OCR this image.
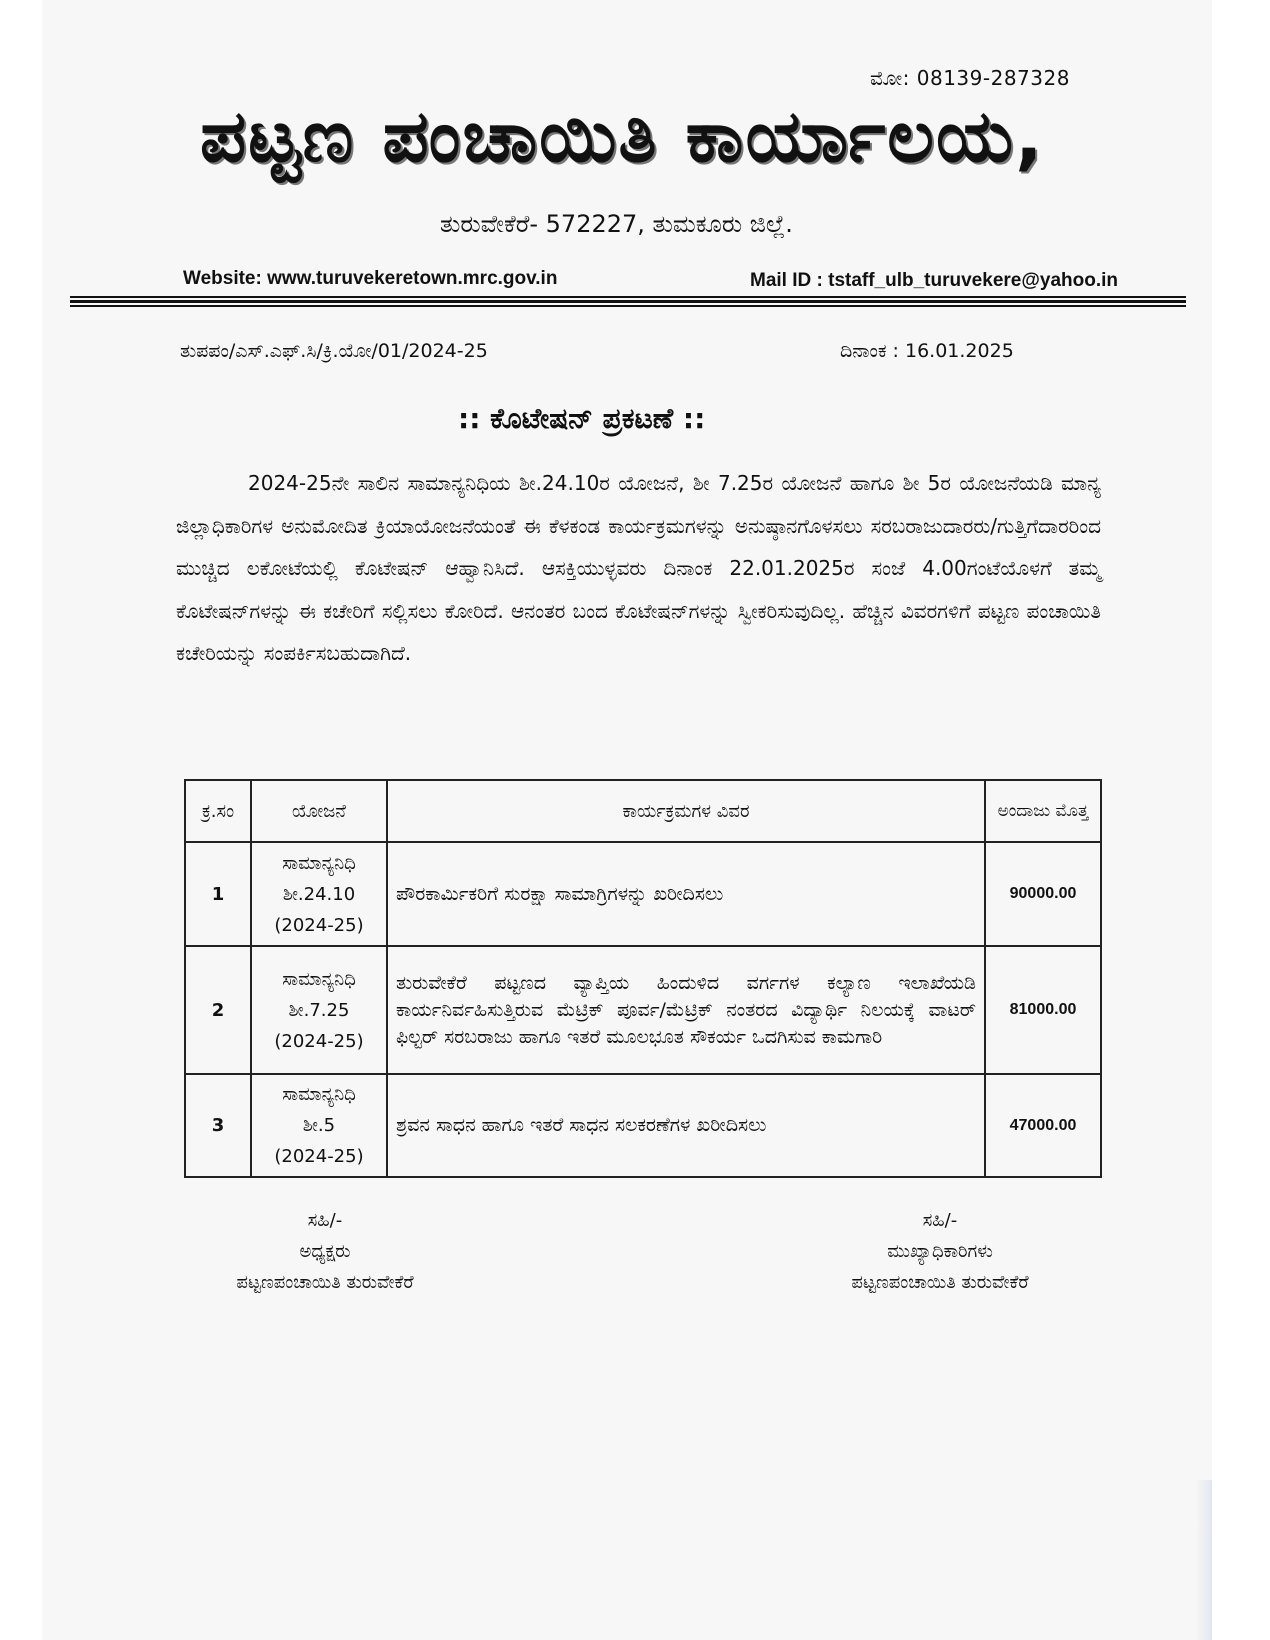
ಮೋ: 08139-287328
ಪಟ್ಟಣ ಪಂಚಾಯಿತಿ ಕಾರ್ಯಾಲಯ,
ತುರುವೇಕೆರೆ- 572227, ತುಮಕೂರು ಜಿಲ್ಲೆ.
Website: www.turuvekeretown.mrc.gov.in	Mail ID : tstaff_ulb_turuvekere@yahoo.in
ತುಪಪಂ/ಎಸ್.ಎಫ್.ಸಿ/ಕ್ರಿ.ಯೋ/01/2024-25	ದಿನಾಂಕ : 16.01.2025
:: ಕೊಟೇಷನ್ ಪ್ರಕಟಣೆ ::

2024-25ನೇ ಸಾಲಿನ ಸಾಮಾನ್ಯನಿಧಿಯ ಶೀ.24.10ರ ಯೋಜನೆ, ಶೀ 7.25ರ ಯೋಜನೆ ಹಾಗೂ ಶೀ 5ರ ಯೋಜನೆಯಡಿ ಮಾನ್ಯ ಜಿಲ್ಲಾಧಿಕಾರಿಗಳ ಅನುಮೋದಿತ ಕ್ರಿಯಾಯೋಜನೆಯಂತೆ ಈ ಕೆಳಕಂಡ ಕಾರ್ಯಕ್ರಮಗಳನ್ನು ಅನುಷ್ಠಾನಗೊಳಸಲು ಸರಬರಾಜುದಾರರು/ಗುತ್ತಿಗೆದಾರರಿಂದ ಮುಚ್ಚಿದ ಲಕೋಟೆಯಲ್ಲಿ ಕೊಟೇಷನ್ ಆಹ್ವಾನಿಸಿದೆ. ಆಸಕ್ತಿಯುಳ್ಳವರು ದಿನಾಂಕ 22.01.2025ರ ಸಂಜೆ 4.00ಗಂಟೆಯೊಳಗೆ ತಮ್ಮ ಕೊಟೇಷನ್‌ಗಳನ್ನು ಈ ಕಚೇರಿಗೆ ಸಲ್ಲಿಸಲು ಕೋರಿದೆ. ಆನಂತರ ಬಂದ ಕೊಟೇಷನ್‌ಗಳನ್ನು ಸ್ವೀಕರಿಸುವುದಿಲ್ಲ. ಹೆಚ್ಚಿನ ವಿವರಗಳಿಗೆ ಪಟ್ಟಣ ಪಂಚಾಯಿತಿ ಕಚೇರಿಯನ್ನು ಸಂಪರ್ಕಿಸಬಹುದಾಗಿದೆ.

ಕ್ರ.ಸಂ	ಯೋಜನೆ	ಕಾರ್ಯಕ್ರಮಗಳ ವಿವರ	ಅಂದಾಜು ಮೊತ್ತ
1	ಸಾಮಾನ್ಯನಿಧಿ
ಶೀ.24.10
(2024-25)	ಪೌರಕಾರ್ಮಿಕರಿಗೆ ಸುರಕ್ಷಾ ಸಾಮಾಗ್ರಿಗಳನ್ನು ಖರೀದಿಸಲು	90000.00
2	ಸಾಮಾನ್ಯನಿಧಿ
ಶೀ.7.25
(2024-25)	ತುರುವೇಕೆರೆ ಪಟ್ಟಣದ ವ್ಯಾಪ್ತಿಯ ಹಿಂದುಳಿದ ವರ್ಗಗಳ ಕಲ್ಯಾಣ ಇಲಾಖೆಯಡಿ ಕಾರ್ಯನಿರ್ವಹಿಸುತ್ತಿರುವ ಮೆಟ್ರಿಕ್ ಪೂರ್ವ/ಮೆಟ್ರಿಕ್ ನಂತರದ ವಿದ್ಯಾರ್ಥಿ ನಿಲಯಕ್ಕೆ ವಾಟರ್ ಫಿಲ್ಟರ್ ಸರಬರಾಜು ಹಾಗೂ ಇತರೆ ಮೂಲಭೂತ ಸೌಕರ್ಯ ಒದಗಿಸುವ ಕಾಮಗಾರಿ	81000.00
3	ಸಾಮಾನ್ಯನಿಧಿ
ಶೀ.5
(2024-25)	ಶ್ರವನ ಸಾಧನ ಹಾಗೂ ಇತರೆ ಸಾಧನ ಸಲಕರಣೆಗಳ ಖರೀದಿಸಲು	47000.00
ಸಹಿ/-
ಅಧ್ಯಕ್ಷರು
ಪಟ್ಟಣಪಂಚಾಯಿತಿ ತುರುವೇಕೆರೆ
ಸಹಿ/-
ಮುಖ್ಯಾಧಿಕಾರಿಗಳು
ಪಟ್ಟಣಪಂಚಾಯಿತಿ ತುರುವೇಕೆರೆ
